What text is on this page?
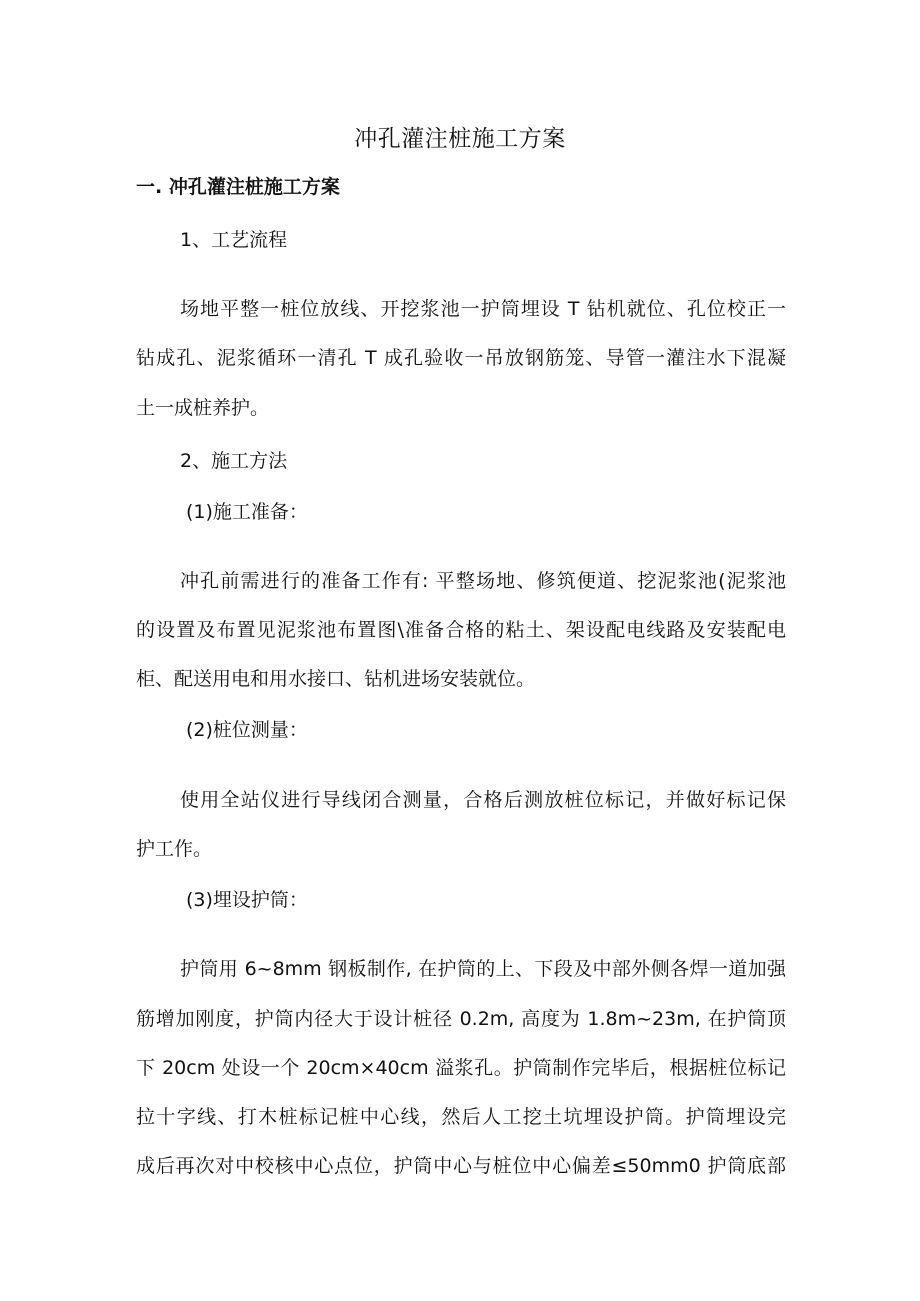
冲孔灌注桩施工方案
一. 冲孔灌注桩施工方案
1、工艺流程
场地平整一桩位放线、开挖浆池一护筒埋设 T 钻机就位、孔位校正一
钻成孔、泥浆循环一清孔 T 成孔验收一吊放钢筋笼、导管一灌注水下混凝
土一成桩养护。
2、施工方法
(1)施工准备：
冲孔前需进行的准备工作有: 平整场地、修筑便道、挖泥浆池(泥浆池
的设置及布置见泥浆池布置图\准备合格的粘土、架设配电线路及安装配电
柜、配送用电和用水接口、钻机进场安装就位。
(2)桩位测量：
使用全站仪进行导线闭合测量，合格后测放桩位标记，并做好标记保
护工作。
(3)埋设护筒：
护筒用 6~8mm 钢板制作, 在护筒的上、下段及中部外侧各焊一道加强
筋增加刚度，护筒内径大于设计桩径 0.2m, 高度为 1.8m~23m, 在护筒顶
下 20cm 处设一个 20cm×40cm 溢浆孔。护筒制作完毕后，根据桩位标记
拉十字线、打木桩标记桩中心线，然后人工挖土坑埋设护筒。护筒埋设完
成后再次对中校核中心点位，护筒中心与桩位中心偏差≤50mm0 护筒底部
